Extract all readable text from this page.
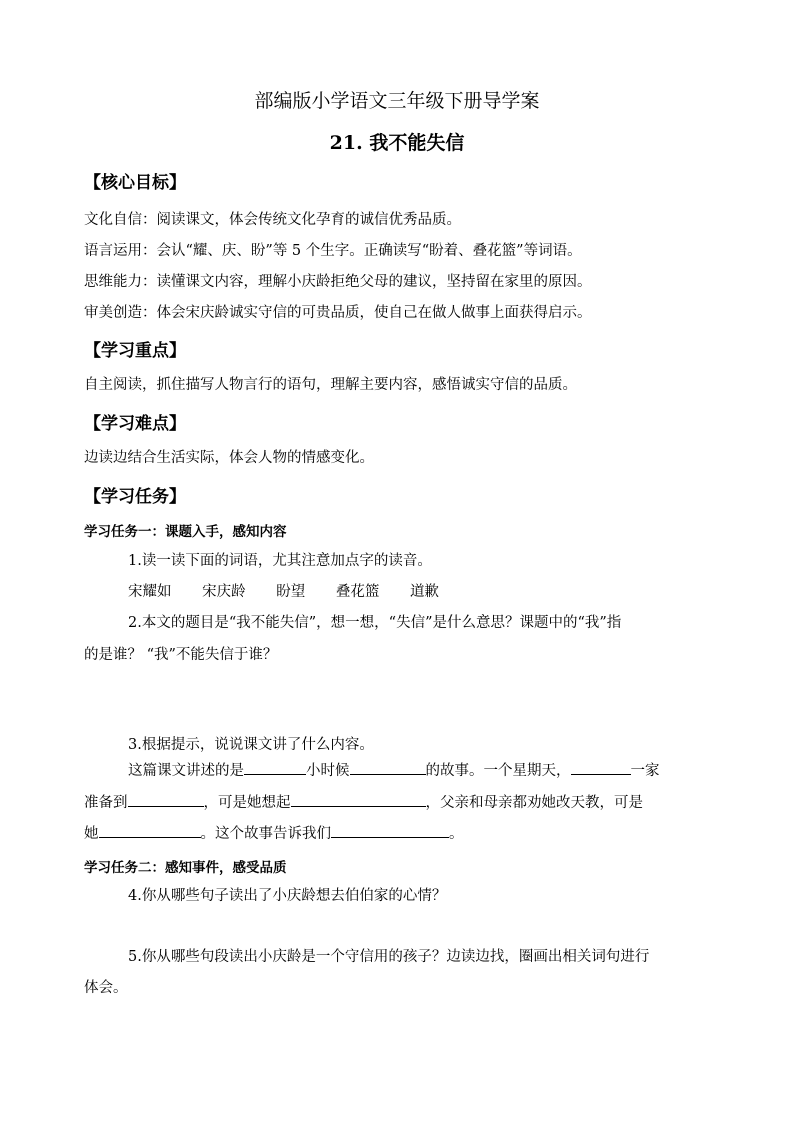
部编版小学语文三年级下册导学案
21. 我不能失信
【核心目标】
文化自信：阅读课文，体会传统文化孕育的诚信优秀品质。
语言运用：会认“耀、庆、盼”等 5 个生字。正确读写“盼着、叠花篮”等词语。
思维能力：读懂课文内容，理解小庆龄拒绝父母的建议，坚持留在家里的原因。
审美创造：体会宋庆龄诚实守信的可贵品质，使自己在做人做事上面获得启示。
【学习重点】
自主阅读，抓住描写人物言行的语句，理解主要内容，感悟诚实守信的品质。
【学习难点】
边读边结合生活实际，体会人物的情感变化。
【学习任务】
学习任务一：课题入手，感知内容
1.读一读下面的词语，尤其注意加点字的读音。
宋耀如 宋庆龄 盼望 叠花篮 道歉
2.本文的题目是“我不能失信”，想一想，“失信”是什么意思？课题中的“我”指
的是谁？ “我”不能失信于谁？
3.根据提示，说说课文讲了什么内容。
这篇课文讲述的是	小时候	的故事。一个星期天，	一家
准备到	，可是她想起	，父亲和母亲都劝她改天教，可是
她	。这个故事告诉我们	。
学习任务二：感知事件，感受品质
4.你从哪些句子读出了小庆龄想去伯伯家的心情？
5.你从哪些句段读出小庆龄是一个守信用的孩子？边读边找，圈画出相关词句进行
体会。
